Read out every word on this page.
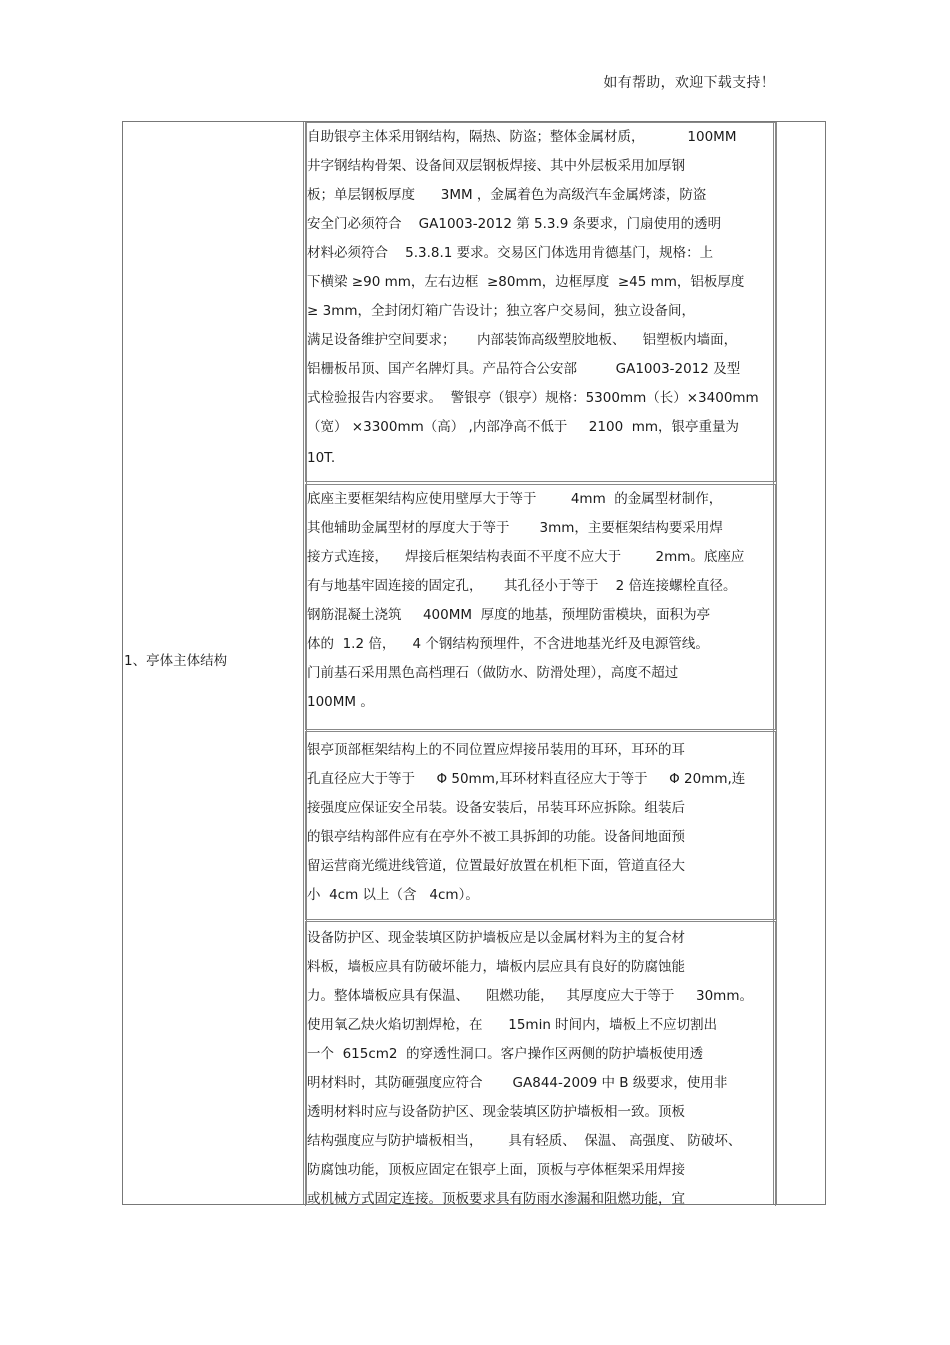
如有帮助，欢迎下载支持！
1、亭体主体结构
自助银亭主体采用钢结构，隔热、防盗；整体金属材质，          100MM
井字钢结构骨架、设备间双层钢板焊接、其中外层板采用加厚钢
板；单层钢板厚度      3MM ，金属着色为高级汽车金属烤漆，防盗
安全门必须符合    GA1003-2012 第 5.3.9 条要求，门扇使用的透明
材料必须符合    5.3.8.1 要求。交易区门体选用肯德基门，规格：上
下横梁 ≥90 mm，左右边框  ≥80mm，边框厚度  ≥45 mm，铝板厚度
≥ 3mm，全封闭灯箱广告设计；独立客户交易间，独立设备间，
满足设备维护空间要求；     内部装饰高级塑胶地板、    铝塑板内墙面，
铝栅板吊顶、国产名牌灯具。产品符合公安部         GA1003-2012 及型
式检验报告内容要求。  警银亭（银亭）规格：5300mm（长）×3400mm
（宽） ×3300mm（高） ,内部净高不低于     2100  mm，银亭重量为
10T.
底座主要框架结构应使用壁厚大于等于        4mm  的金属型材制作，
其他辅助金属型材的厚度大于等于       3mm，主要框架结构要采用焊
接方式连接，    焊接后框架结构表面不平度不应大于        2mm。底座应
有与地基牢固连接的固定孔，     其孔径小于等于    2 倍连接螺栓直径。
钢筋混凝土浇筑     400MM  厚度的地基，预埋防雷模块，面积为亭
体的  1.2 倍，    4 个钢结构预埋件，不含进地基光纤及电源管线。
门前基石采用黑色高档理石（做防水、防滑处理），高度不超过
100MM 。
银亭顶部框架结构上的不同位置应焊接吊装用的耳环，耳环的耳
孔直径应大于等于     Φ 50mm,耳环材料直径应大于等于     Φ 20mm,连
接强度应保证安全吊装。设备安装后，吊装耳环应拆除。组装后
的银亭结构部件应有在亭外不被工具拆卸的功能。设备间地面预
留运营商光缆进线管道，位置最好放置在机柜下面，管道直径大
小  4cm 以上（含   4cm）。
设备防护区、现金装填区防护墙板应是以金属材料为主的复合材
料板，墙板应具有防破坏能力，墙板内层应具有良好的防腐蚀能
力。整体墙板应具有保温、    阻燃功能，   其厚度应大于等于     30mm。
使用氧乙炔火焰切割焊枪，在      15min 时间内，墙板上不应切割出
一个  615cm2  的穿透性洞口。客户操作区两侧的防护墙板使用透
明材料时，其防砸强度应符合       GA844-2009 中 B 级要求，使用非
透明材料时应与设备防护区、现金装填区防护墙板相一致。顶板
结构强度应与防护墙板相当，      具有轻质、  保温、 高强度、 防破坏、
防腐蚀功能，顶板应固定在银亭上面，顶板与亭体框架采用焊接
或机械方式固定连接。顶板要求具有防雨水渗漏和阻燃功能，宜
